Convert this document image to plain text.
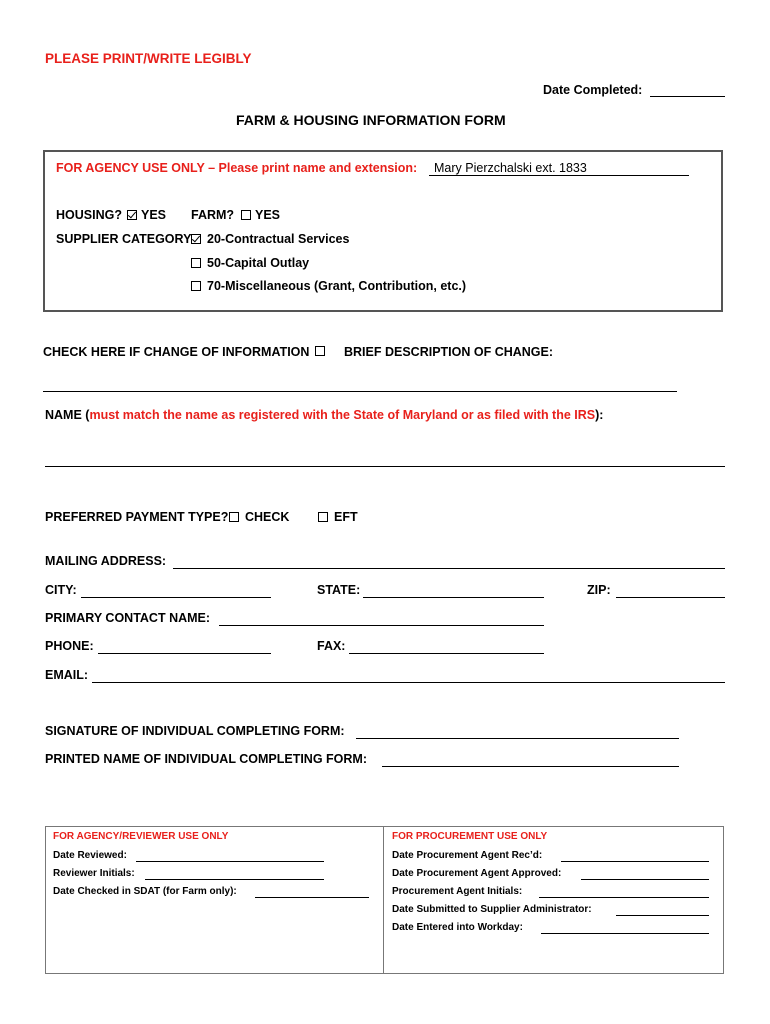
PLEASE PRINT/WRITE LEGIBLY
Date Completed:
FARM & HOUSING INFORMATION FORM
FOR AGENCY USE ONLY – Please print name and extension: Mary Pierzchalski ext. 1833
HOUSING? YES FARM? YES
SUPPLIER CATEGORY 20-Contractual Services
50-Capital Outlay
70-Miscellaneous (Grant, Contribution, etc.)
CHECK HERE IF CHANGE OF INFORMATION	BRIEF DESCRIPTION OF CHANGE:
NAME (must match the name as registered with the State of Maryland or as filed with the IRS):
PREFERRED PAYMENT TYPE? CHECK	EFT
MAILING ADDRESS:
CITY:	STATE:	ZIP:
PRIMARY CONTACT NAME:
PHONE:	FAX:
EMAIL:
SIGNATURE OF INDIVIDUAL COMPLETING FORM:
PRINTED NAME OF INDIVIDUAL COMPLETING FORM:
FOR AGENCY/REVIEWER USE ONLY
Date Reviewed:
Reviewer Initials:
Date Checked in SDAT (for Farm only):
FOR PROCUREMENT USE ONLY
Date Procurement Agent Rec’d:
Date Procurement Agent Approved:
Procurement Agent Initials:
Date Submitted to Supplier Administrator:
Date Entered into Workday:
